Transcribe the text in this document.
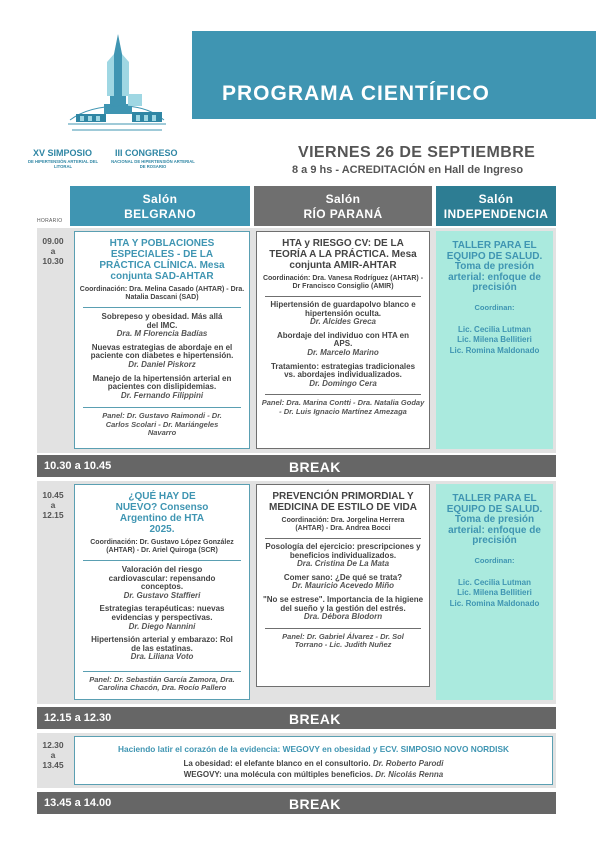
PROGRAMA CIENTÍFICO
XV SIMPOSIO
DE HIPERTENSIÓN ARTERIAL DEL LITORAL
III CONGRESO
NACIONAL DE HIPERTENSIÓN ARTERIAL DE ROSARIO
VIERNES 26 DE SEPTIEMBRE
8 a 9 hs - ACREDITACIÓN en Hall de Ingreso
Salón
BELGRANO
Salón
RÍO PARANÁ
Salón
INDEPENDENCIA
HORARIO
09.00
a
10.30
HTA Y POBLACIONES ESPECIALES - DE LA PRÁCTICA CLÍNICA. Mesa conjunta SAD-AHTAR
Coordinación: Dra. Melina Casado (AHTAR) - Dra. Natalia Dascani (SAD)
Sobrepeso y obesidad. Más allá del IMC.
Dra. M Florencia Badías
Nuevas estrategias de abordaje en el paciente con diabetes e hipertensión.
Dr. Daniel Piskorz
Manejo de la hipertensión arterial en pacientes con dislipidemias.
Dr. Fernando Filippini
Panel: Dr. Gustavo Raimondi - Dr. Carlos Scolari - Dr. Mariángeles Navarro
HTA y RIESGO CV: DE LA TEORÍA A LA PRÁCTICA. Mesa conjunta AMIR-AHTAR
Coordinación: Dra. Vanesa Rodríguez (AHTAR) - Dr Francisco Consiglio (AMIR)
Hipertensión de guardapolvo blanco e hipertensión oculta.
Dr. Alcides Greca
Abordaje del individuo con HTA en APS.
Dr. Marcelo Marino
Tratamiento: estrategias tradicionales vs. abordajes individualizados.
Dr. Domingo Cera
Panel: Dra. Marina Contti - Dra. Natalia Goday - Dr. Luis Ignacio Martínez Amezaga
TALLER PARA EL EQUIPO DE SALUD. Toma de presión arterial: enfoque de precisión
Coordinan:
Lic. Cecilia Lutman
Lic. Milena Bellitieri
Lic. Romina Maldonado
10.30 a 10.45	BREAK
10.45
a
12.15
¿QUÉ HAY DE NUEVO? Consenso Argentino de HTA 2025.
Coordinación: Dr. Gustavo López González (AHTAR) - Dr. Ariel Quiroga (SCR)
Valoración del riesgo cardiovascular: repensando conceptos.
Dr. Gustavo Staffieri
Estrategias terapéuticas: nuevas evidencias y perspectivas.
Dr. Diego Nannini
Hipertensión arterial y embarazo: Rol de las estatinas.
Dra. Liliana Voto
Panel: Dr. Sebastián García Zamora, Dra. Carolina Chacón, Dra. Rocío Pallero
PREVENCIÓN PRIMORDIAL Y MEDICINA DE ESTILO DE VIDA
Coordinación: Dra. Jorgelina Herrera (AHTAR) - Dra. Andrea Bocci
Posología del ejercicio: prescripciones y beneficios individualizados.
Dra. Cristina De La Mata
Comer sano: ¿De qué se trata?
Dr. Mauricio Acevedo Miño
"No se estrese". Importancia de la higiene del sueño y la gestión del estrés.
Dra. Débora Blodorn
Panel: Dr. Gabriel Álvarez - Dr. Sol Torrano - Lic. Judith Nuñez
TALLER PARA EL EQUIPO DE SALUD. Toma de presión arterial: enfoque de precisión
Coordinan:
Lic. Cecilia Lutman
Lic. Milena Bellitieri
Lic. Romina Maldonado
12.15 a 12.30	BREAK
12.30
a
13.45
Haciendo latir el corazón de la evidencia: WEGOVY en obesidad y ECV. SIMPOSIO NOVO NORDISK
La obesidad: el elefante blanco en el consultorio. Dr. Roberto Parodi
WEGOVY: una molécula con múltiples beneficios. Dr. Nicolás Renna
13.45 a 14.00	BREAK
